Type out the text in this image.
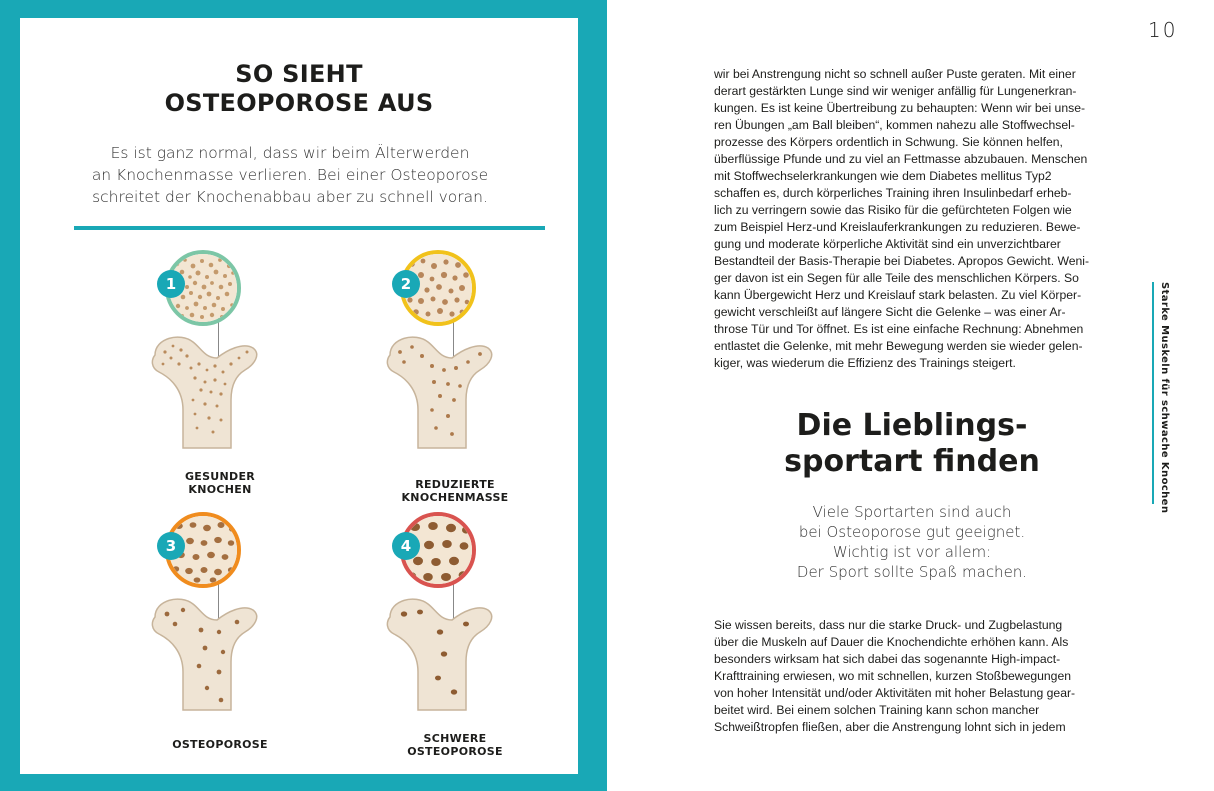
SO SIEHT
OSTEOPOROSE AUS
Es ist ganz normal, dass wir beim Älterwerden
an Knochenmasse verlieren. Bei einer Osteoporose
schreitet der Knochenabbau aber zu schnell voran.
1
GESUNDER
KNOCHEN
2
REDUZIERTE
KNOCHENMASSE
3
OSTEOPOROSE
4
SCHWERE
OSTEOPOROSE
10
wir bei Anstrengung nicht so schnell außer Puste geraten. Mit einer
derart gestärkten Lunge sind wir weniger anfällig für Lungenerkran-
kungen. Es ist keine Übertreibung zu behaupten: Wenn wir bei unse-
ren Übungen „am Ball bleiben“, kommen nahezu alle Stoffwechsel-
prozesse des Körpers ordentlich in Schwung. Sie können helfen,
überflüssige Pfunde und zu viel an Fettmasse abzubauen. Menschen
mit Stoffwechselerkrankungen wie dem Diabetes mellitus Typ2
schaffen es, durch körperliches Training ihren Insulinbedarf erheb-
lich zu verringern sowie das Risiko für die gefürchteten Folgen wie
zum Beispiel Herz-und Kreislauferkrankungen zu reduzieren. Bewe-
gung und moderate körperliche Aktivität sind ein unverzichtbarer
Bestandteil der Basis-Therapie bei Diabetes. Apropos Gewicht. Weni-
ger davon ist ein Segen für alle Teile des menschlichen Körpers. So
kann Übergewicht Herz und Kreislauf stark belasten. Zu viel Körper-
gewicht verschleißt auf längere Sicht die Gelenke – was einer Ar-
throse Tür und Tor öffnet. Es ist eine einfache Rechnung: Abnehmen
entlastet die Gelenke, mit mehr Bewegung werden sie wieder gelen-
kiger, was wiederum die Effizienz des Trainings steigert.
Die Lieblings-
sportart finden
Viele Sportarten sind auch
bei Osteoporose gut geeignet.
Wichtig ist vor allem:
Der Sport sollte Spaß machen.
Sie wissen bereits, dass nur die starke Druck- und Zugbelastung
über die Muskeln auf Dauer die Knochendichte erhöhen kann. Als
besonders wirksam hat sich dabei das sogenannte High-impact-
Krafttraining erwiesen, wo mit schnellen, kurzen Stoßbewegungen
von hoher Intensität und/oder Aktivitäten mit hoher Belastung gear-
beitet wird. Bei einem solchen Training kann schon mancher
Schweißtropfen fließen, aber die Anstrengung lohnt sich in jedem
Starke Muskeln für schwache Knochen
